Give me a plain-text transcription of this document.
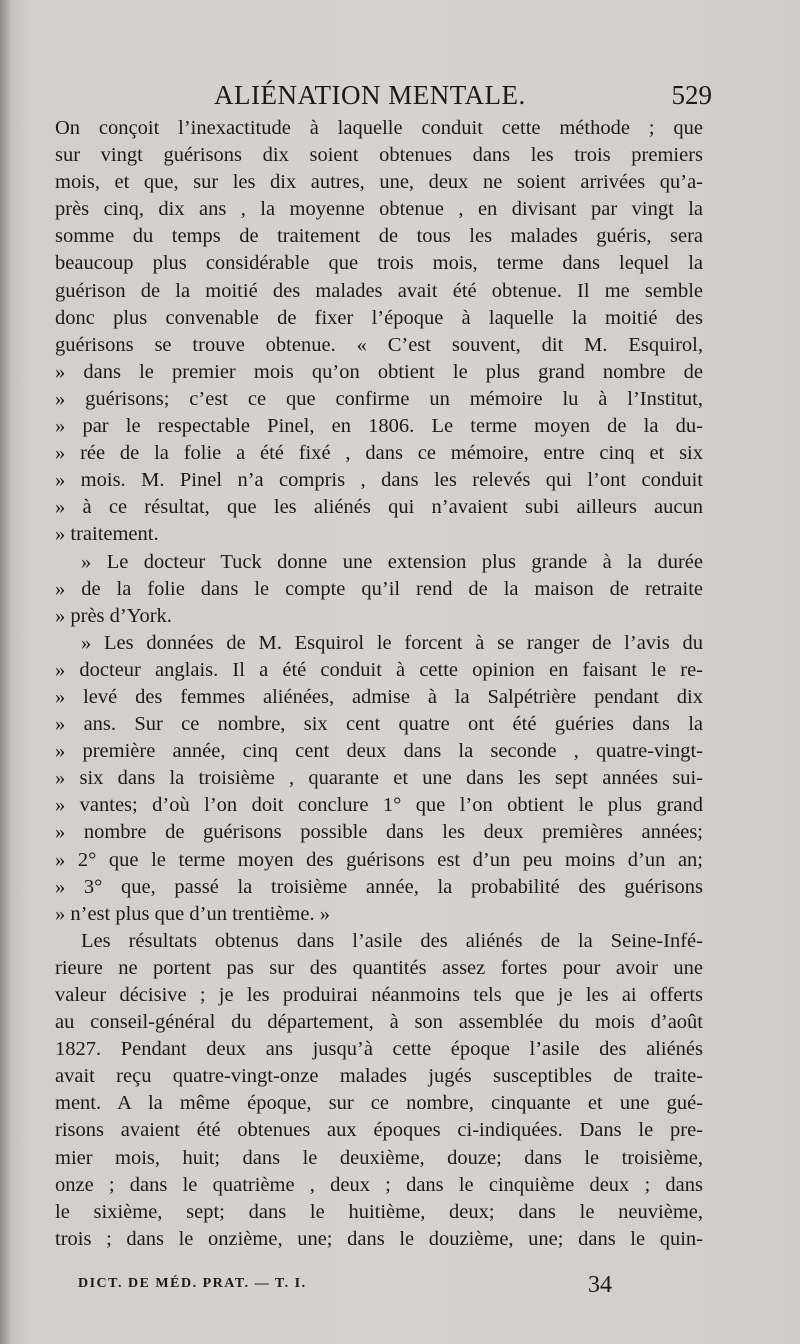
ALIÉNATION MENTALE.	529
On conçoit l’inexactitude à laquelle conduit cette méthode ; que
sur vingt guérisons dix soient obtenues dans les trois premiers
mois, et que, sur les dix autres, une, deux ne soient arrivées qu’a-
près cinq, dix ans , la moyenne obtenue , en divisant par vingt la
somme du temps de traitement de tous les malades guéris, sera
beaucoup plus considérable que trois mois, terme dans lequel la
guérison de la moitié des malades avait été obtenue. Il me semble
donc plus convenable de fixer l’époque à laquelle la moitié des
guérisons se trouve obtenue. « C’est souvent, dit M. Esquirol,
» dans le premier mois qu’on obtient le plus grand nombre de
» guérisons; c’est ce que confirme un mémoire lu à l’Institut,
» par le respectable Pinel, en 1806. Le terme moyen de la du-
» rée de la folie a été fixé , dans ce mémoire, entre cinq et six
» mois. M. Pinel n’a compris , dans les relevés qui l’ont conduit
» à ce résultat, que les aliénés qui n’avaient subi ailleurs aucun
» traitement.
» Le docteur Tuck donne une extension plus grande à la durée
» de la folie dans le compte qu’il rend de la maison de retraite
» près d’York.
» Les données de M. Esquirol le forcent à se ranger de l’avis du
» docteur anglais. Il a été conduit à cette opinion en faisant le re-
» levé des femmes aliénées, admise à la Salpétrière pendant dix
» ans. Sur ce nombre, six cent quatre ont été guéries dans la
» première année, cinq cent deux dans la seconde , quatre-vingt-
» six dans la troisième , quarante et une dans les sept années sui-
» vantes; d’où l’on doit conclure 1° que l’on obtient le plus grand
» nombre de guérisons possible dans les deux premières années;
» 2° que le terme moyen des guérisons est d’un peu moins d’un an;
» 3° que, passé la troisième année, la probabilité des guérisons
» n’est plus que d’un trentième. »
Les résultats obtenus dans l’asile des aliénés de la Seine-Infé-
rieure ne portent pas sur des quantités assez fortes pour avoir une
valeur décisive ; je les produirai néanmoins tels que je les ai offerts
au conseil-général du département, à son assemblée du mois d’août
1827. Pendant deux ans jusqu’à cette époque l’asile des aliénés
avait reçu quatre-vingt-onze malades jugés susceptibles de traite-
ment. A la même époque, sur ce nombre, cinquante et une gué-
risons avaient été obtenues aux époques ci-indiquées. Dans le pre-
mier mois, huit; dans le deuxième, douze; dans le troisième,
onze ; dans le quatrième , deux ; dans le cinquième deux ; dans
le sixième, sept; dans le huitième, deux; dans le neuvième,
trois ; dans le onzième, une; dans le douzième, une; dans le quin-
DICT. DE MÉD. PRAT. — T. I.	34
